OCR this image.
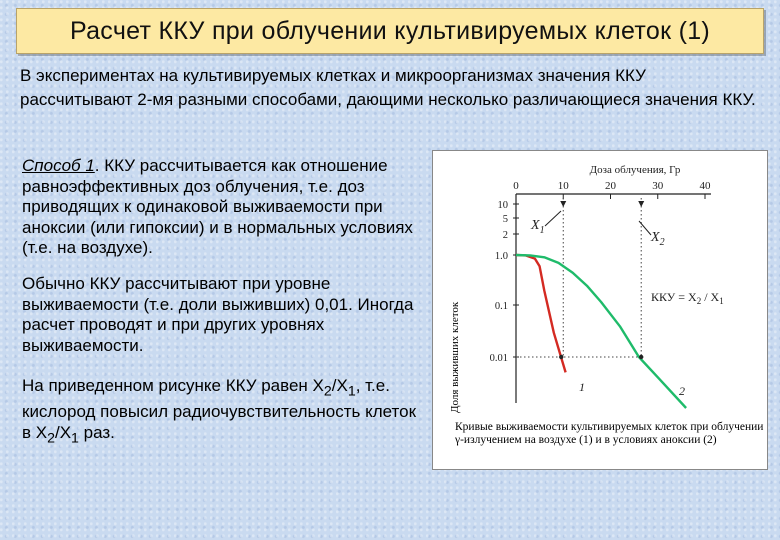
Расчет ККУ при облучении культивируемых клеток (1)

В экспериментах на культивируемых клетках и микроорганизмах значения ККУ рассчитывают 2-мя разными способами, дающими несколько различающиеся значения ККУ.

Способ 1. ККУ рассчитывается как отношение равноэффективных доз облучения, т.е. доз приводящих к одинаковой выживаемости при аноксии (или гипоксии) и в нормальных условиях (т.е. на воздухе).

Обычно ККУ рассчитывают при уровне выживаемости (т.е. доли выживших) 0,01. Иногда расчет проводят и при других уровнях выживаемости.

На приведенном рисунке ККУ равен $X_2/X_1$, т.е. кислород повысил радиочувствительность клеток в $X_2/X_1$ раз.

Доза облучения, Гр
0	10	20	30	40
10
5
2
1.0
0.1
0.01
$X_1$	$X_2$
ККУ = $X_2 / X_1$
1	2
Доля выживших клеток
Кривые выживаемости культивируемых клеток при облучении γ-излучением на воздухе (1) и в условиях аноксии (2)
